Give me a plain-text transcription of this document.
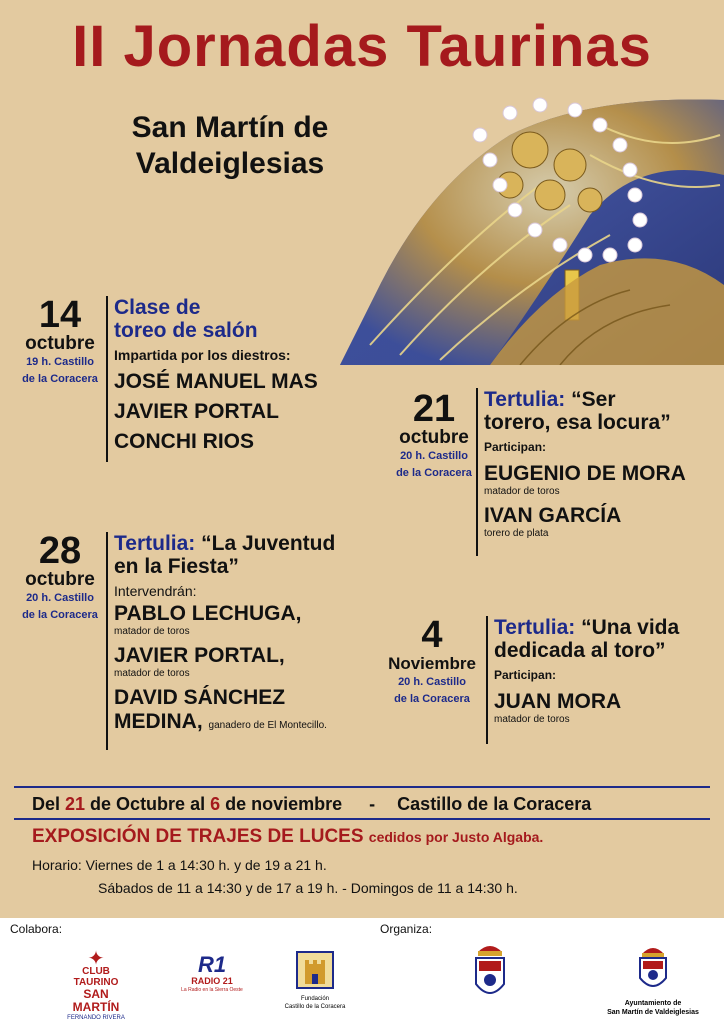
II Jornadas Taurinas
San Martín de Valdeiglesias
14
octubre
19 h. Castillo
de la Coracera
Clase de
toreo de salón
Impartida por los diestros:
JOSÉ MANUEL MAS
JAVIER PORTAL
CONCHI RIOS
21
octubre
20 h. Castillo
de la Coracera
Tertulia: “Ser
torero, esa locura”
Participan:
EUGENIO DE MORA
matador de toros
IVAN GARCÍA
torero de plata
28
octubre
20 h. Castillo
de la Coracera
Tertulia: “La Juventud
en la Fiesta”
Intervendrán:
PABLO LECHUGA,
matador de toros
JAVIER PORTAL,
matador de toros
DAVID SÁNCHEZ
MEDINA, ganadero de El Montecillo.
4
Noviembre
20 h. Castillo
de la Coracera
Tertulia: “Una vida
dedicada al toro”
Participan:
JUAN MORA
matador de toros
Del 21 de Octubre al 6 de noviembre - Castillo de la Coracera
EXPOSICIÓN DE TRAJES DE LUCES cedidos por Justo Algaba.
Horario: Viernes de 1 a 14:30 h. y de 19 a 21 h.
Sábados de 11 a 14:30 y de 17 a 19 h. - Domingos de 11 a 14:30 h.
Colabora:	Organiza:
✦
CLUB TAURINO
SAN MARTÍN
FERNANDO RIVERA
R1
RADIO 21
La Radio en la Sierra Oeste
Fundación
Castillo de la Coracera	Ayuntamiento de
San Martín de Valdeiglesias
